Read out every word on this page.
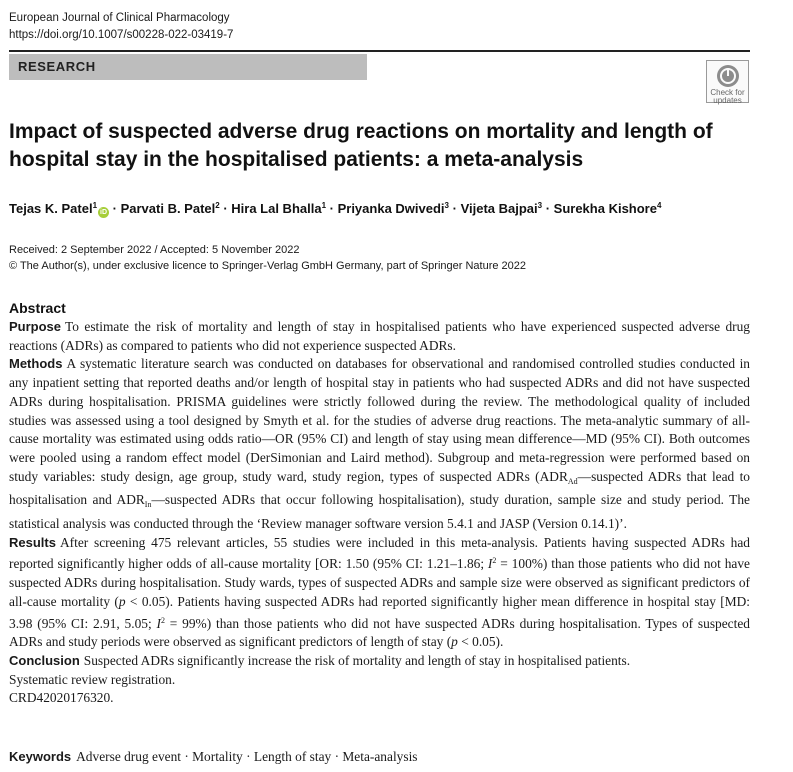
European Journal of Clinical Pharmacology
https://doi.org/10.1007/s00228-022-03419-7
RESEARCH
Check for
updates
Impact of suspected adverse drug reactions on mortality and length of hospital stay in the hospitalised patients: a meta-analysis
Tejas K. Patel$^1$iD · Parvati B. Patel$^2$ · Hira Lal Bhalla$^1$ · Priyanka Dwivedi$^3$ · Vijeta Bajpai$^3$ · Surekha Kishore$^4$
Received: 2 September 2022 / Accepted: 5 November 2022
© The Author(s), under exclusive licence to Springer-Verlag GmbH Germany, part of Springer Nature 2022
Abstract

Purpose To estimate the risk of mortality and length of stay in hospitalised patients who have experienced suspected adverse drug reactions (ADRs) as compared to patients who did not experience suspected ADRs.

Methods A systematic literature search was conducted on databases for observational and randomised controlled studies conducted in any inpatient setting that reported deaths and/or length of hospital stay in patients who had suspected ADRs and did not have suspected ADRs during hospitalisation. PRISMA guidelines were strictly followed during the review. The methodological quality of included studies was assessed using a tool designed by Smyth et al. for the studies of adverse drug reactions. The meta-analytic summary of all-cause mortality was estimated using odds ratio—OR (95% CI) and length of stay using mean difference—MD (95% CI). Both outcomes were pooled using a random effect model (DerSimonian and Laird method). Subgroup and meta-regression were performed based on study variables: study design, age group, study ward, study region, types of suspected ADRs ($ADR_{Ad}—suspected$ ADRs that lead to hospitalisation and $ADR_{In}—suspected$ ADRs that occur following hospitalisation), study duration, sample size and study period. The statistical analysis was conducted through the ‘Review manager software version 5.4.1 and JASP (Version 0.14.1)’.

Results After screening 475 relevant articles, 55 studies were included in this meta-analysis. Patients having suspected ADRs had reported significantly higher odds of all-cause mortality [OR: 1.50 (95% CI: 1.21–1.86; $I^2 = 100\%$) than those patients who did not have suspected ADRs during hospitalisation. Study wards, types of suspected ADRs and sample size were observed as significant predictors of all-cause mortality (p < 0.05). Patients having suspected ADRs had reported significantly higher mean difference in hospital stay [MD: 3.98 (95% CI: 2.91, 5.05; $I^2 = 99\%$) than those patients who did not have suspected ADRs during hospitalisation. Types of suspected ADRs and study periods were observed as significant predictors of length of stay (p < 0.05).

Conclusion Suspected ADRs significantly increase the risk of mortality and length of stay in hospitalised patients.

Systematic review registration.
CRD42020176320.

Keywords Adverse drug event · Mortality · Length of stay · Meta-analysis
